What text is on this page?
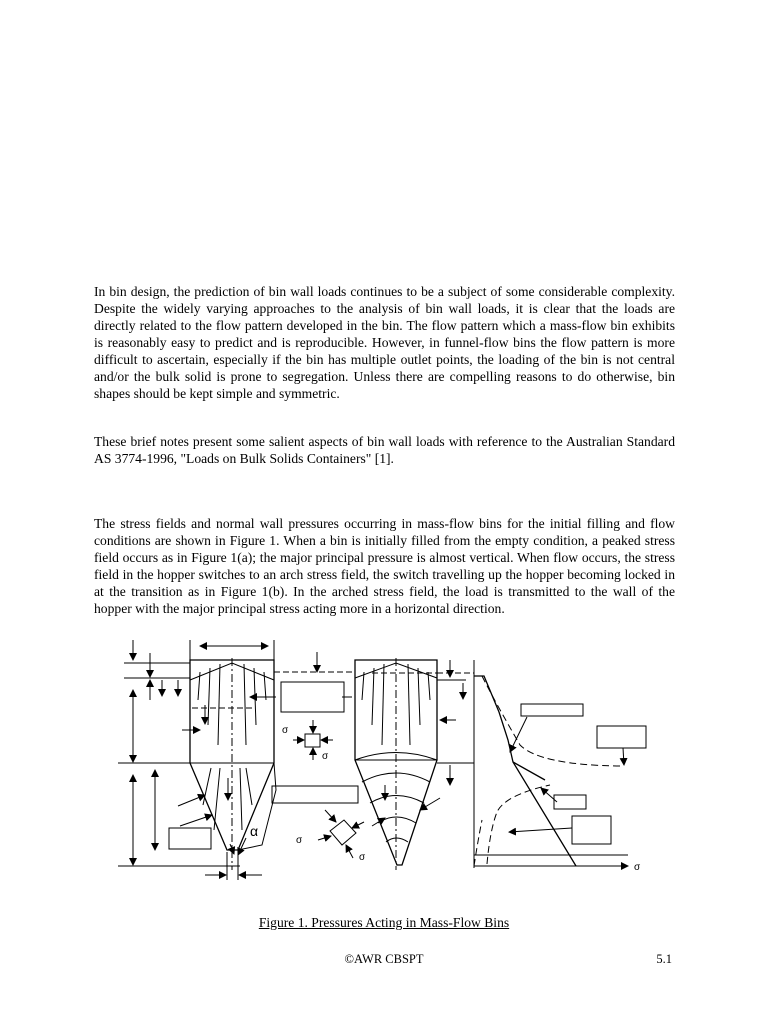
In bin design, the prediction of bin wall loads continues to be a subject of some considerable complexity. Despite the widely varying approaches to the analysis of bin wall loads, it is clear that the loads are directly related to the flow pattern developed in the bin. The flow pattern which a mass-flow bin exhibits is reasonably easy to predict and is reproducible. However, in funnel-flow bins the flow pattern is more difficult to ascertain, especially if the bin has multiple outlet points, the loading of the bin is not central and/or the bulk solid is prone to segregation. Unless there are compelling reasons to do otherwise, bin shapes should be kept simple and symmetric.

These brief notes present some salient aspects of bin wall loads with reference to the Australian Standard AS 3774-1996, "Loads on Bulk Solids Containers" [1].

The stress fields and normal wall pressures occurring in mass-flow bins for the initial filling and flow conditions are shown in Figure 1. When a bin is initially filled from the empty condition, a peaked stress field occurs as in Figure 1(a); the major principal pressure is almost vertical. When flow occurs, the stress field in the hopper switches to an arch stress field, the switch travelling up the hopper becoming locked in at the transition as in Figure 1(b). In the arched stress field, the load is transmitted to the wall of the hopper with the major principal stress acting more in a horizontal direction.

σ
σ
σ
σ
σ
α
Figure 1. Pressures Acting in Mass-Flow Bins
©AWR CBSPT	5.1
